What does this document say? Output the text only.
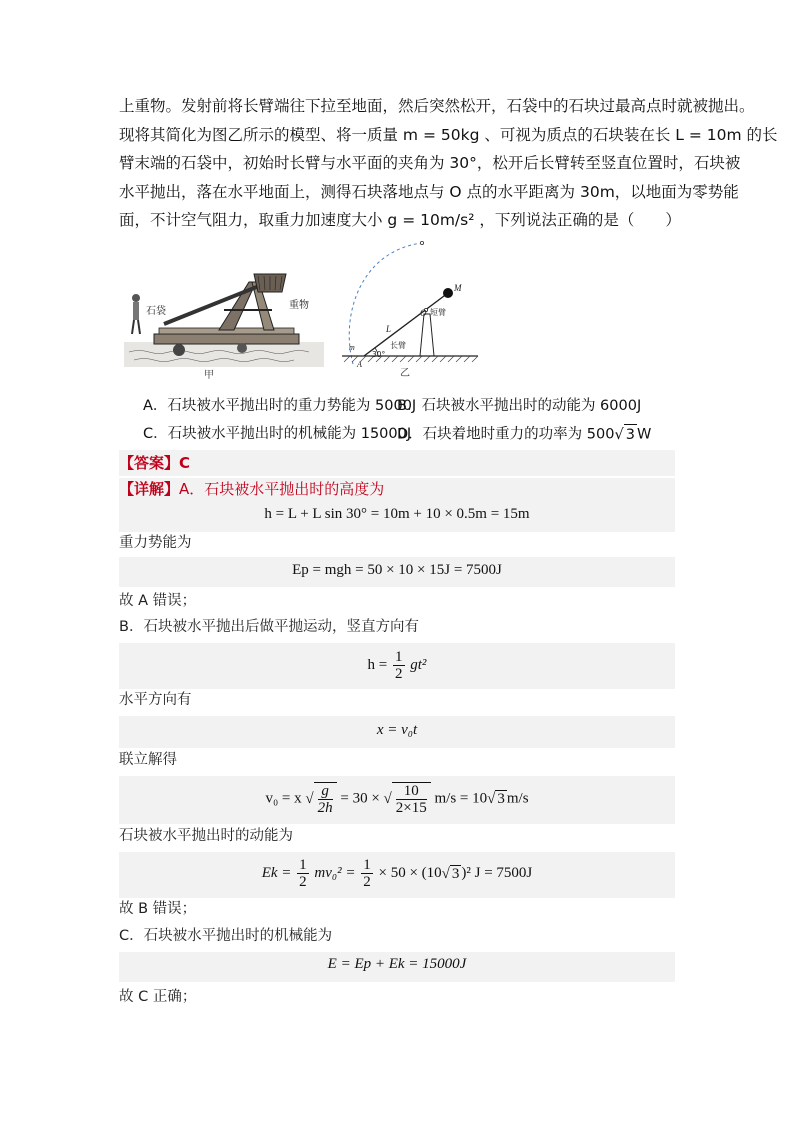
上重物。发射前将长臂端往下拉至地面，然后突然松开，石袋中的石块过最高点时就被抛出。
现将其简化为图乙所示的模型、将一质量 m = 50kg 、可视为质点的石块装在长 L = 10m 的长
臂末端的石袋中，初始时长臂与水平面的夹角为 30°，松开后长臂转至竖直位置时，石块被
水平抛出，落在水平地面上，测得石块落地点与 O 点的水平距离为 30m，以地面为零势能
面，不计空气阻力，取重力加速度大小 g = 10m/s² ，下列说法正确的是（　　）
石袋
重物
甲
M
O 短臂
L
长臂
m
A
30°
乙
A．石块被水平抛出时的重力势能为 5000J
B．石块被水平抛出时的动能为 6000J
C．石块被水平抛出时的机械能为 15000J
D．石块着地时重力的功率为 500√ 3 W
【答案】C
h = L + L sin 30° = 10m + 10 × 0.5m = 15m
【详解】A．石块被水平抛出时的高度为
重力势能为
Ep = mgh = 50 × 10 × 15J = 7500J
故 A 错误；
B．石块被水平抛出后做平抛运动，竖直方向有
$h = \frac{1}{2} gt^2$
水平方向有
x = v₀t
联立解得
v₀ = x √ $\frac{g}{2h} = 30$ × √ $\frac{10}{2\times 15} m/s = 10√$ 3 m/s
石块被水平抛出时的动能为
$Ek = \frac{1}{2} mv_0^2 = \frac{1}{2} \times 50 \times (10√$ 3 )² J = 7500J
故 B 错误；
C．石块被水平抛出时的机械能为
E = Ep + Ek = 15000J
故 C 正确；
